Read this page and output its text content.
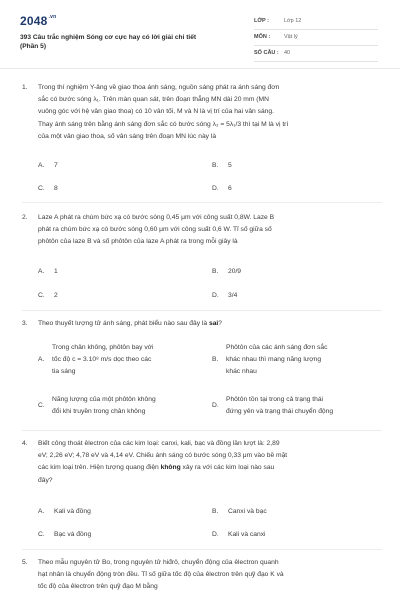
$2048^{.vn}$
393 Câu trắc nghiệm Sóng cơ cực hay có lời giải chi tiết
(Phần 5)
LỚP :	Lớp 12
MÔN :	Vật lý
SỐ CÂU : 40
1. Trong thí nghiệm Y-âng về giao thoa ánh sáng, nguồn sáng phát ra ánh sáng đơn
sắc có bước sóng λ₁. Trên màn quan sát, trên đoạn thẳng MN dài 20 mm (MN
vuông góc với hệ vân giao thoa) có 10 vân tối, M và N là vị trí của hai vân sáng.
Thay ánh sáng trên bằng ánh sáng đơn sắc có bước sóng λ₂ = 5λ₁/3 thì tại M là vị trí
của một vân giao thoa, số vân sáng trên đoạn MN lúc này là
A. 7	B. 5
C. 8	D. 6
2. Laze A phát ra chùm bức xạ có bước sóng 0,45 μm với công suất 0,8W. Laze B
phát ra chùm bức xạ có bước sóng 0,60 μm với công suất 0,6 W. Tỉ số giữa số
phôtôn của laze B và số phôtôn của laze A phát ra trong mỗi giây là
A. 1	B. 20/9
C. 2	D. 3/4
3. Theo thuyết lượng tử ánh sáng, phát biểu nào sau đây là sai?
A.
Trong chân không, phôtôn bay với
tốc độ c = 3.10⁸ m/s dọc theo các
tia sáng
B.
Phôtôn của các ánh sáng đơn sắc
khác nhau thì mang năng lượng
khác nhau
C.
Năng lượng của một phôtôn không
đổi khi truyền trong chân không
D.
Phôtôn tồn tại trong cả trạng thái
đứng yên và trạng thái chuyển động
4. Biết công thoát êlectron của các kim loại: canxi, kali, bạc và đồng lần lượt là: 2,89
eV; 2,26 eV; 4,78 eV và 4,14 eV. Chiếu ánh sáng có bước sóng 0,33 μm vào bề mặt
các kim loại trên. Hiện tượng quang điện không xảy ra với các kim loại nào sau
đây?
A. Kali và đồng	B. Canxi và bạc
C. Bạc và đồng	D. Kali và canxi
5. Theo mẫu nguyên tử Bo, trong nguyên tử hiđrô, chuyển động của êlectron quanh
hạt nhân là chuyển động tròn đều. Tỉ số giữa tốc độ của êlectron trên quỹ đạo K và
tốc độ của êlectron trên quỹ đạo M bằng
